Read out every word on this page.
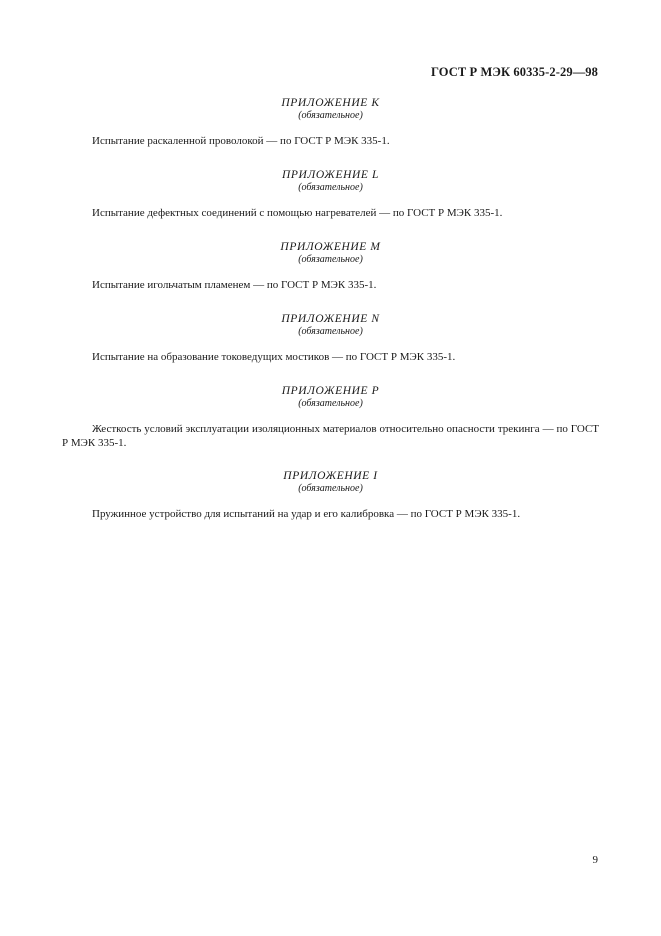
ГОСТ Р МЭК 60335-2-29—98
ПРИЛОЖЕНИЕ K
(обязательное)
Испытание раскаленной проволокой — по ГОСТ Р МЭК 335-1.
ПРИЛОЖЕНИЕ L
(обязательное)
Испытание дефектных соединений с помощью нагревателей — по ГОСТ Р МЭК 335-1.
ПРИЛОЖЕНИЕ M
(обязательное)
Испытание игольчатым пламенем — по ГОСТ Р МЭК 335-1.
ПРИЛОЖЕНИЕ N
(обязательное)
Испытание на образование токоведущих мостиков — по ГОСТ Р МЭК 335-1.
ПРИЛОЖЕНИЕ P
(обязательное)
Жесткость условий эксплуатации изоляционных материалов относительно опасности трекинга — по ГОСТ Р МЭК 335-1.
ПРИЛОЖЕНИЕ I
(обязательное)
Пружинное устройство для испытаний на удар и его калибровка — по ГОСТ Р МЭК 335-1.
9
